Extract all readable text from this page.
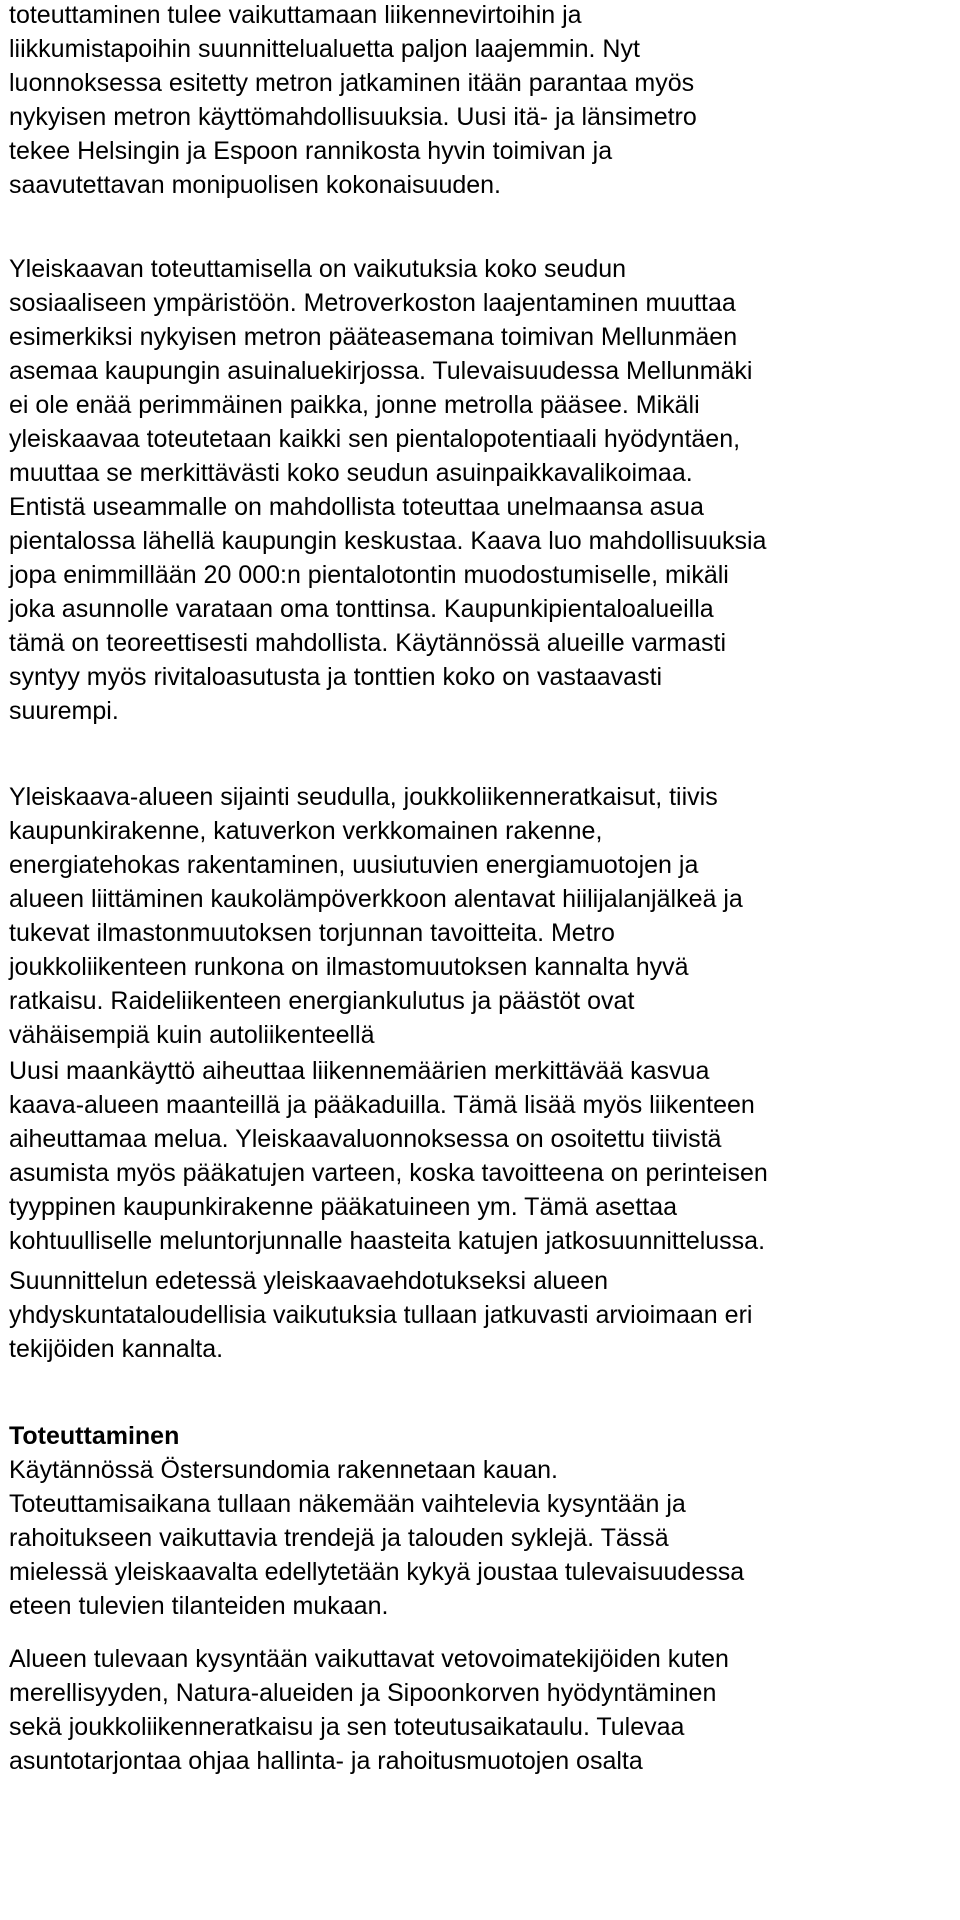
toteuttaminen tulee vaikuttamaan liikennevirtoihin ja
liikkumistapoihin suunnittelualuetta paljon laajemmin. Nyt
luonnoksessa esitetty metron jatkaminen itään parantaa myös
nykyisen metron käyttömahdollisuuksia. Uusi itä- ja länsimetro
tekee Helsingin ja Espoon rannikosta hyvin toimivan ja
saavutettavan monipuolisen kokonaisuuden.

Yleiskaavan toteuttamisella on vaikutuksia koko seudun
sosiaaliseen ympäristöön. Metroverkoston laajentaminen muuttaa
esimerkiksi nykyisen metron pääteasemana toimivan Mellunmäen
asemaa kaupungin asuinaluekirjossa. Tulevaisuudessa Mellunmäki
ei ole enää perimmäinen paikka, jonne metrolla pääsee. Mikäli
yleiskaavaa toteutetaan kaikki sen pientalopotentiaali hyödyntäen,
muuttaa se merkittävästi koko seudun asuinpaikkavalikoimaa.
Entistä useammalle on mahdollista toteuttaa unelmaansa asua
pientalossa lähellä kaupungin keskustaa. Kaava luo mahdollisuuksia
jopa enimmillään 20 000:n pientalotontin muodostumiselle, mikäli
joka asunnolle varataan oma tonttinsa. Kaupunkipientaloalueilla
tämä on teoreettisesti mahdollista. Käytännössä alueille varmasti
syntyy myös rivitaloasutusta ja tonttien koko on vastaavasti
suurempi.

Yleiskaava-alueen sijainti seudulla, joukkoliikenneratkaisut, tiivis
kaupunkirakenne, katuverkon verkkomainen rakenne,
energiatehokas rakentaminen, uusiutuvien energiamuotojen ja
alueen liittäminen kaukolämpöverkkoon alentavat hiilijalanjälkeä ja
tukevat ilmastonmuutoksen torjunnan tavoitteita. Metro
joukkoliikenteen runkona on ilmastomuutoksen kannalta hyvä
ratkaisu. Raideliikenteen energiankulutus ja päästöt ovat
vähäisempiä kuin autoliikenteellä

Uusi maankäyttö aiheuttaa liikennemäärien merkittävää kasvua
kaava-alueen maanteillä ja pääkaduilla. Tämä lisää myös liikenteen
aiheuttamaa melua. Yleiskaavaluonnoksessa on osoitettu tiivistä
asumista myös pääkatujen varteen, koska tavoitteena on perinteisen
tyyppinen kaupunkirakenne pääkatuineen ym. Tämä asettaa
kohtuulliselle meluntorjunnalle haasteita katujen jatkosuunnittelussa.

Suunnittelun edetessä yleiskaavaehdotukseksi alueen
yhdyskuntataloudellisia vaikutuksia tullaan jatkuvasti arvioimaan eri
tekijöiden kannalta.

Toteuttaminen

Käytännössä Östersundomia rakennetaan kauan.
Toteuttamisaikana tullaan näkemään vaihtelevia kysyntään ja
rahoitukseen vaikuttavia trendejä ja talouden syklejä. Tässä
mielessä yleiskaavalta edellytetään kykyä joustaa tulevaisuudessa
eteen tulevien tilanteiden mukaan.

Alueen tulevaan kysyntään vaikuttavat vetovoimatekijöiden kuten
merellisyyden, Natura-alueiden ja Sipoonkorven hyödyntäminen
sekä joukkoliikenneratkaisu ja sen toteutusaikataulu. Tulevaa
asuntotarjontaa ohjaa hallinta- ja rahoitusmuotojen osalta
